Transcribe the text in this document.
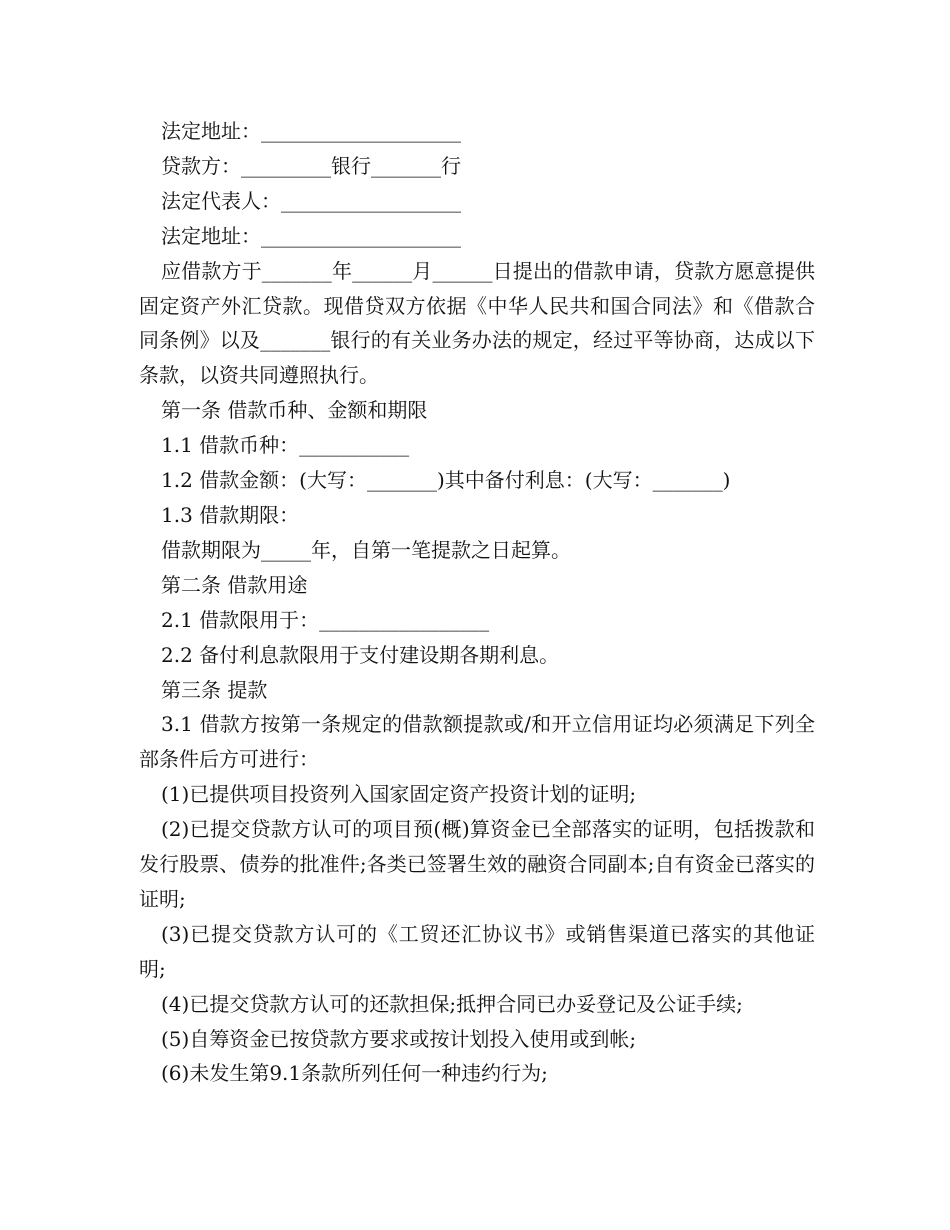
法定地址：____________________

贷款方：_________银行_______行

法定代表人：__________________

法定地址：____________________

应借款方于_______年______月______日提出的借款申请，贷款方愿意提供固定资产外汇贷款。现借贷双方依据《中华人民共和国合同法》和《借款合同条例》以及_______银行的有关业务办法的规定，经过平等协商，达成以下条款，以资共同遵照执行。

第一条 借款币种、金额和期限

1.1 借款币种：___________

1.2 借款金额：(大写：_______)其中备付利息：(大写：_______)

1.3 借款期限：

借款期限为_____年，自第一笔提款之日起算。

第二条 借款用途

2.1 借款限用于：_________________

2.2 备付利息款限用于支付建设期各期利息。

第三条 提款

3.1 借款方按第一条规定的借款额提款或/和开立信用证均必须满足下列全部条件后方可进行：

(1)已提供项目投资列入国家固定资产投资计划的证明;

(2)已提交贷款方认可的项目预(概)算资金已全部落实的证明，包括拨款和发行股票、债券的批准件;各类已签署生效的融资合同副本;自有资金已落实的证明;

(3)已提交贷款方认可的《工贸还汇协议书》或销售渠道已落实的其他证明;

(4)已提交贷款方认可的还款担保;抵押合同已办妥登记及公证手续;

(5)自筹资金已按贷款方要求或按计划投入使用或到帐;

(6)未发生第9.1条款所列任何一种违约行为;
